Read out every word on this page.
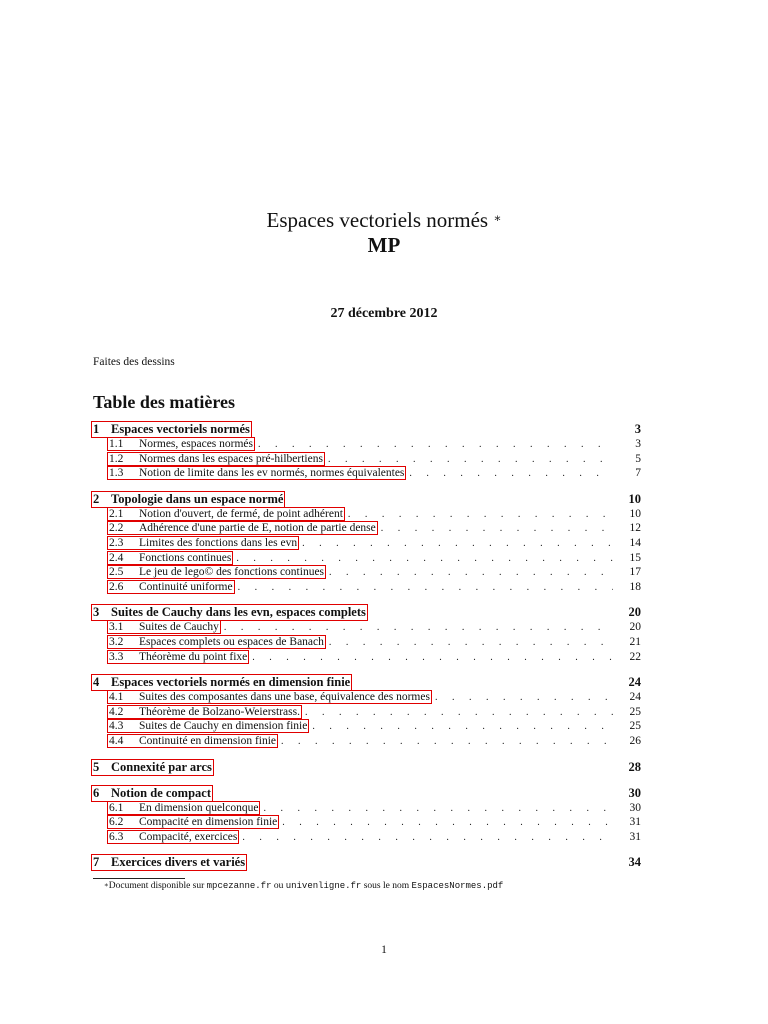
Espaces vectoriels normés ∗
MP
27 décembre 2012
Faites des dessins
Table des matières
1 Espaces vectoriels normés	3
1.1 Normes, espaces normés . . .	3
1.2 Normes dans les espaces pré-hilbertiens . . .	5
1.3 Notion de limite dans les ev normés, normes équivalentes . . .	7
2 Topologie dans un espace normé	10
2.1 Notion d'ouvert, de fermé, de point adhérent . . .	10
2.2 Adhérence d'une partie de E, notion de partie dense . . .	12
2.3 Limites des fonctions dans les evn . . .	14
2.4 Fonctions continues . . .	15
2.5 Le jeu de lego© des fonctions continues . . .	17
2.6 Continuité uniforme . . .	18
3 Suites de Cauchy dans les evn, espaces complets	20
3.1 Suites de Cauchy . . .	20
3.2 Espaces complets ou espaces de Banach . . .	21
3.3 Théorème du point fixe . . .	22
4 Espaces vectoriels normés en dimension finie	24
4.1 Suites des composantes dans une base, équivalence des normes . . .	24
4.2 Théorème de Bolzano-Weierstrass. . . .	25
4.3 Suites de Cauchy en dimension finie . . .	25
4.4 Continuité en dimension finie . . .	26
5 Connexité par arcs	28
6 Notion de compact	30
6.1 En dimension quelconque . . .	30
6.2 Compacité en dimension finie . . .	31
6.3 Compacité, exercices . . .	31
7 Exercices divers et variés	34
∗Document disponible sur mpcezanne.fr ou univenligne.fr sous le nom EspacesNormes.pdf
1
